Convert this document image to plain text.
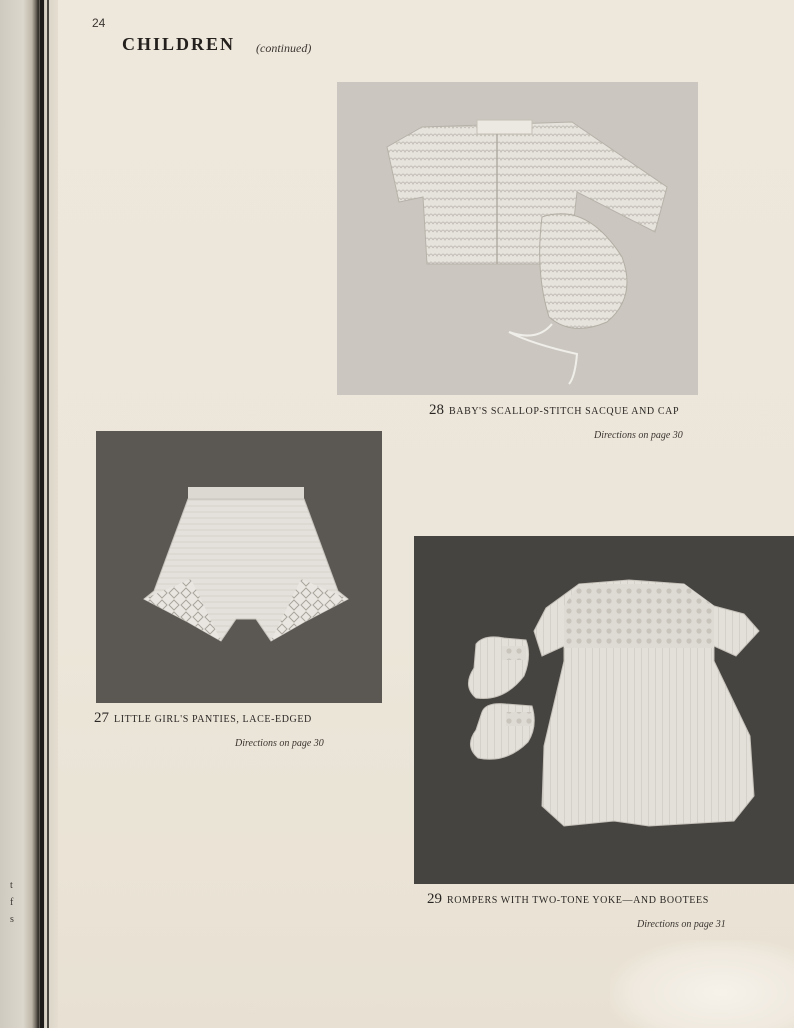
t
f
s
24
CHILDREN (continued)
28 BABY'S SCALLOP-STITCH SACQUE AND CAP
Directions on page 30
27 LITTLE GIRL'S PANTIES, LACE-EDGED
Directions on page 30
29 ROMPERS WITH TWO-TONE YOKE—AND BOOTEES
Directions on page 31
